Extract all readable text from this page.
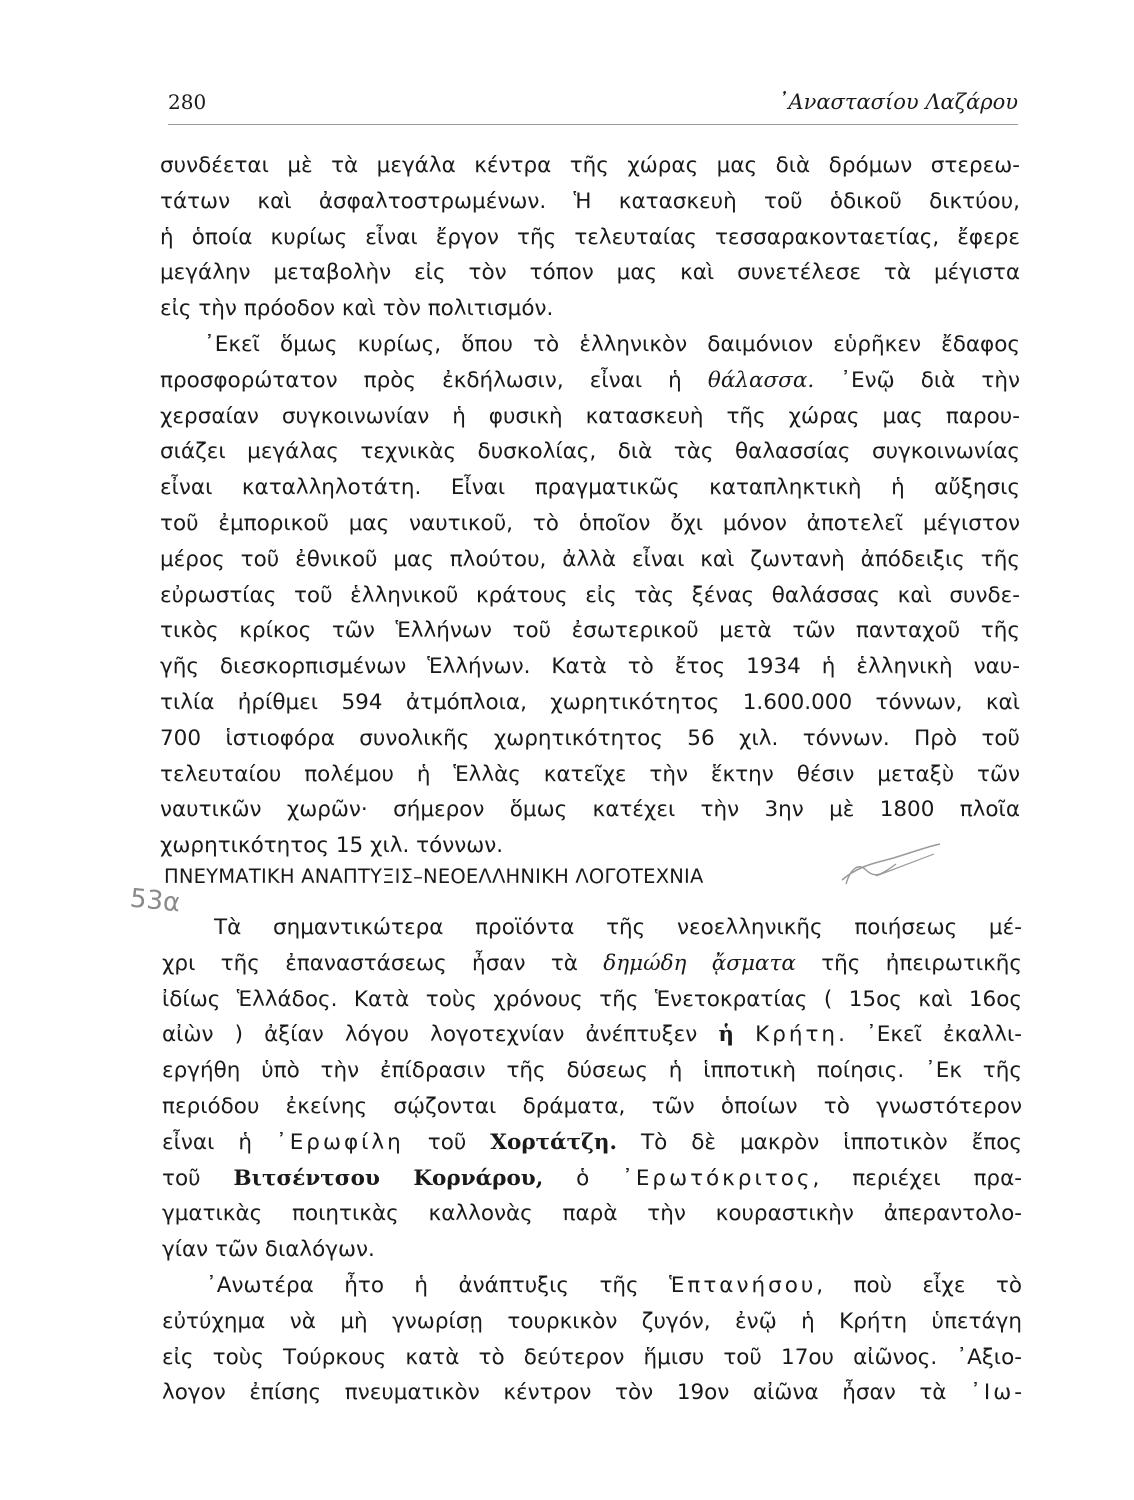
280	᾽Αναστασίου Λαζάρου
συνδέεται μὲ τὰ μεγάλα κέντρα τῆς χώρας μας διὰ δρόμων στερεω-
τάτων καὶ ἀσφαλτοστρωμένων. Ἡ κατασκευὴ τοῦ ὁδικοῦ δικτύου,
ἡ ὁποία κυρίως εἶναι ἔργον τῆς τελευταίας τεσσαρακονταετίας, ἔφερε
μεγάλην μεταβολὴν εἰς τὸν τόπον μας καὶ συνετέλεσε τὰ μέγιστα
εἰς τὴν πρόοδον καὶ τὸν πολιτισμόν.
᾽Εκεῖ ὅμως κυρίως, ὅπου τὸ ἑλληνικὸν δαιμόνιον εὑρῆκεν ἔδαφος
προσφορώτατον πρὸς ἐκδήλωσιν, εἶναι ἡ θάλασσα. ᾽Ενῷ διὰ τὴν
χερσαίαν συγκοινωνίαν ἡ φυσικὴ κατασκευὴ τῆς χώρας μας παρου-
σιάζει μεγάλας τεχνικὰς δυσκολίας, διὰ τὰς θαλασσίας συγκοινωνίας
εἶναι καταλληλοτάτη. Εἶναι πραγματικῶς καταπληκτικὴ ἡ αὔξησις
τοῦ ἐμπορικοῦ μας ναυτικοῦ, τὸ ὁποῖον ὄχι μόνον ἀποτελεῖ μέγιστον
μέρος τοῦ ἐθνικοῦ μας πλούτου, ἀλλὰ εἶναι καὶ ζωντανὴ ἀπόδειξις τῆς
εὐρωστίας τοῦ ἑλληνικοῦ κράτους εἰς τὰς ξένας θαλάσσας καὶ συνδε-
τικὸς κρίκος τῶν Ἑλλήνων τοῦ ἐσωτερικοῦ μετὰ τῶν πανταχοῦ τῆς
γῆς διεσκορπισμένων Ἑλλήνων. Κατὰ τὸ ἔτος 1934 ἡ ἑλληνικὴ ναυ-
τιλία ἠρίθμει 594 ἀτμόπλοια, χωρητικότητος 1.600.000 τόννων, καὶ
700 ἱστιοφόρα συνολικῆς χωρητικότητος 56 χιλ. τόννων. Πρὸ τοῦ
τελευταίου πολέμου ἡ Ἑλλὰς κατεῖχε τὴν ἕκτην θέσιν μεταξὺ τῶν
ναυτικῶν χωρῶν· σήμερον ὅμως κατέχει τὴν 3ην μὲ 1800 πλοῖα
χωρητικότητος 15 χιλ. τόννων.
ΠΝΕΥΜΑΤΙΚΗ ΑΝΑΠΤΥΞΙΣ–ΝΕΟΕΛΛΗΝΙΚΗ ΛΟΓΟΤΕΧΝΙΑ
53α
Τὰ σημαντικώτερα προϊόντα τῆς νεοελληνικῆς ποιήσεως μέ-
χρι τῆς ἐπαναστάσεως ἦσαν τὰ δημώδη ᾄσματα τῆς ἠπειρωτικῆς
ἰδίως Ἑλλάδος. Κατὰ τοὺς χρόνους τῆς Ἑνετοκρατίας ( 15ος καὶ 16ος
αἰὼν ) ἀξίαν λόγου λογοτεχνίαν ἀνέπτυξεν ἡ Κρήτη. ᾽Εκεῖ ἐκαλλι-
εργήθη ὑπὸ τὴν ἐπίδρασιν τῆς δύσεως ἡ ἱπποτικὴ ποίησις. ᾽Εκ τῆς
περιόδου ἐκείνης σῴζονται δράματα, τῶν ὁποίων τὸ γνωστότερον
εἶναι ἡ ᾽Ερωφίλη τοῦ Χορτάτζη. Τὸ δὲ μακρὸν ἱπποτικὸν ἔπος
τοῦ Βιτσέντσου Κορνάρου, ὁ ᾽Ερωτόκριτος, περιέχει πρα-
γματικὰς ποιητικὰς καλλονὰς παρὰ τὴν κουραστικὴν ἀπεραντολο-
γίαν τῶν διαλόγων.
᾽Ανωτέρα ἦτο ἡ ἀνάπτυξις τῆς Ἑπτανήσου, ποὺ εἶχε τὸ
εὐτύχημα νὰ μὴ γνωρίσῃ τουρκικὸν ζυγόν, ἐνῷ ἡ Κρήτη ὑπετάγη
εἰς τοὺς Τούρκους κατὰ τὸ δεύτερον ἥμισυ τοῦ 17ου αἰῶνος. ᾽Αξιο-
λογον ἐπίσης πνευματικὸν κέντρον τὸν 19ον αἰῶνα ἦσαν τὰ ᾽Ιω-
